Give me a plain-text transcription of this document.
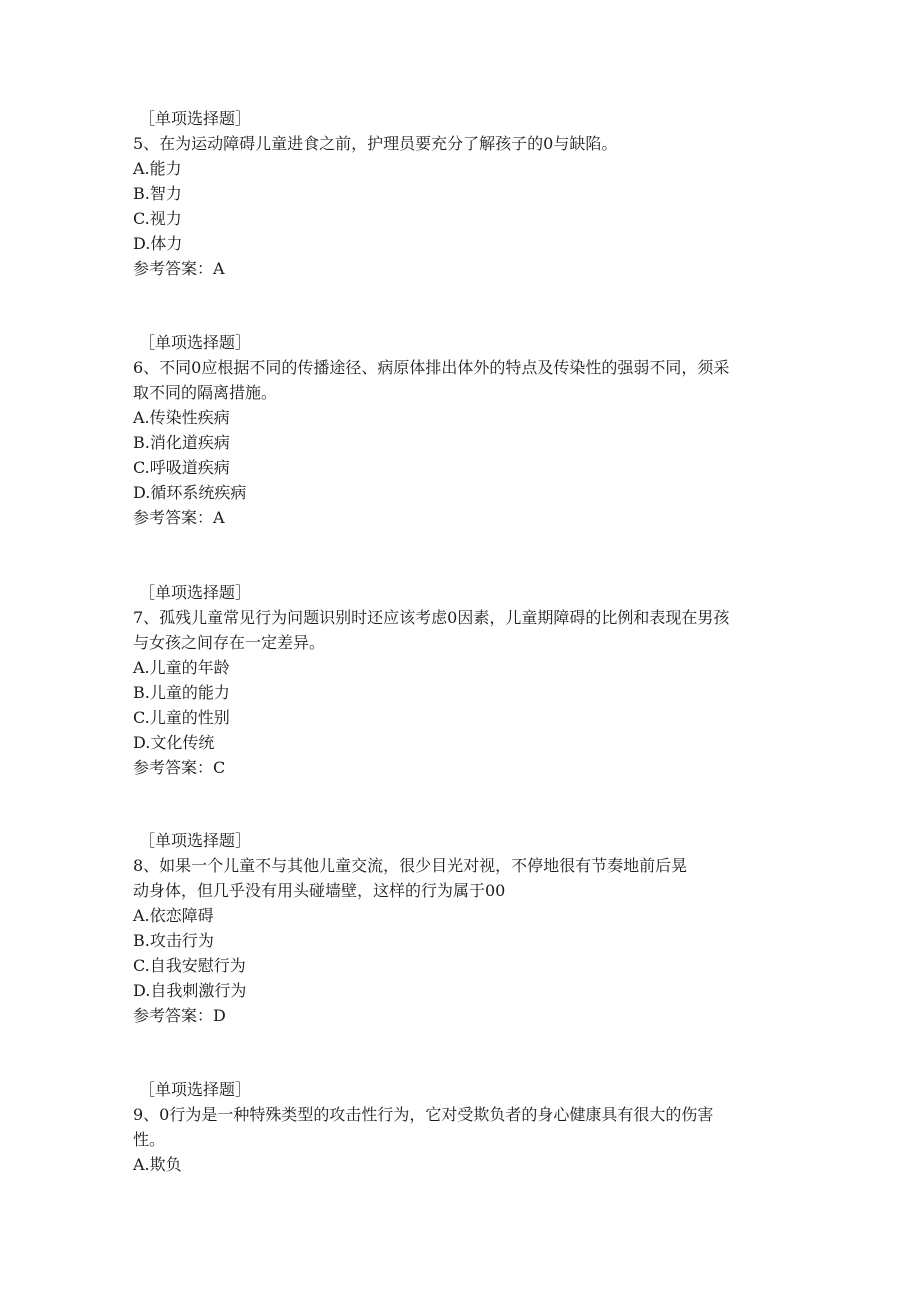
［单项选择题］
5、在为运动障碍儿童进食之前，护理员要充分了解孩子的0与缺陷。
A.能力
B.智力
C.视力
D.体力
参考答案：A
［单项选择题］
6、不同0应根据不同的传播途径、病原体排出体外的特点及传染性的强弱不同，须采
取不同的隔离措施。
A.传染性疾病
B.消化道疾病
C.呼吸道疾病
D.循环系统疾病
参考答案：A
［单项选择题］
7、孤残儿童常见行为问题识别时还应该考虑0因素，儿童期障碍的比例和表现在男孩
与女孩之间存在一定差异。
A.儿童的年龄
B.儿童的能力
C.儿童的性别
D.文化传统
参考答案：C
［单项选择题］
8、如果一个儿童不与其他儿童交流，很少目光对视，不停地很有节奏地前后晃
动身体，但几乎没有用头碰墙壁，这样的行为属于00
A.依恋障碍
B.攻击行为
C.自我安慰行为
D.自我刺激行为
参考答案：D
［单项选择题］
9、0行为是一种特殊类型的攻击性行为，它对受欺负者的身心健康具有很大的伤害
性。
A.欺负
